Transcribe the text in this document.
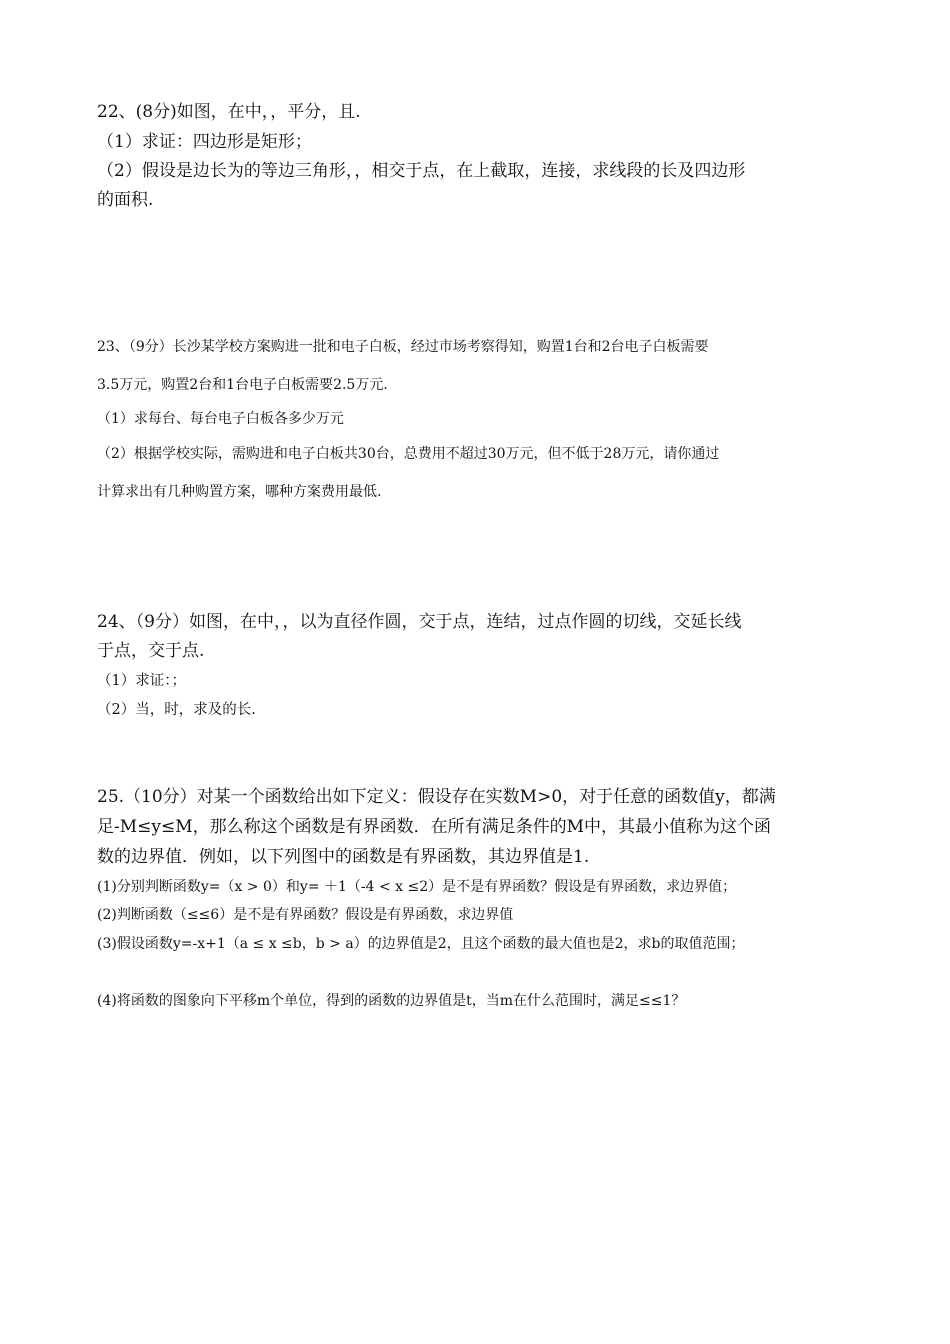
22、(8分)如图，在中，，平分，且.
（1）求证：四边形是矩形；
（2）假设是边长为的等边三角形，，相交于点，在上截取，连接，求线段的长及四边形
的面积.
23、（9分）长沙某学校方案购进一批和电子白板，经过市场考察得知，购置1台和2台电子白板需要
3.5万元，购置2台和1台电子白板需要2.5万元.
（1）求每台、每台电子白板各多少万元
（2）根据学校实际，需购进和电子白板共30台，总费用不超过30万元，但不低于28万元，请你通过
计算求出有几种购置方案，哪种方案费用最低.
24、（9分）如图，在中，，以为直径作圆，交于点，连结，过点作圆的切线，交延长线
于点，交于点.
（1）求证：；
（2）当，时，求及的长.
25.（10分）对某一个函数给出如下定义：假设存在实数M>0，对于任意的函数值y，都满
足-M≤y≤M，那么称这个函数是有界函数．在所有满足条件的M中，其最小值称为这个函
数的边界值．例如，以下列图中的函数是有界函数，其边界值是1.
(1)分别判断函数y=（x > 0）和y= ＋1（-4 < x ≤2）是不是有界函数？假设是有界函数，求边界值；
(2)判断函数（≤≤6）是不是有界函数？假设是有界函数，求边界值
(3)假设函数y=-x+1（a ≤ x ≤b，b > a）的边界值是2，且这个函数的最大值也是2，求b的取值范围；
(4)将函数的图象向下平移m个单位，得到的函数的边界值是t，当m在什么范围时，满足≤≤1？
